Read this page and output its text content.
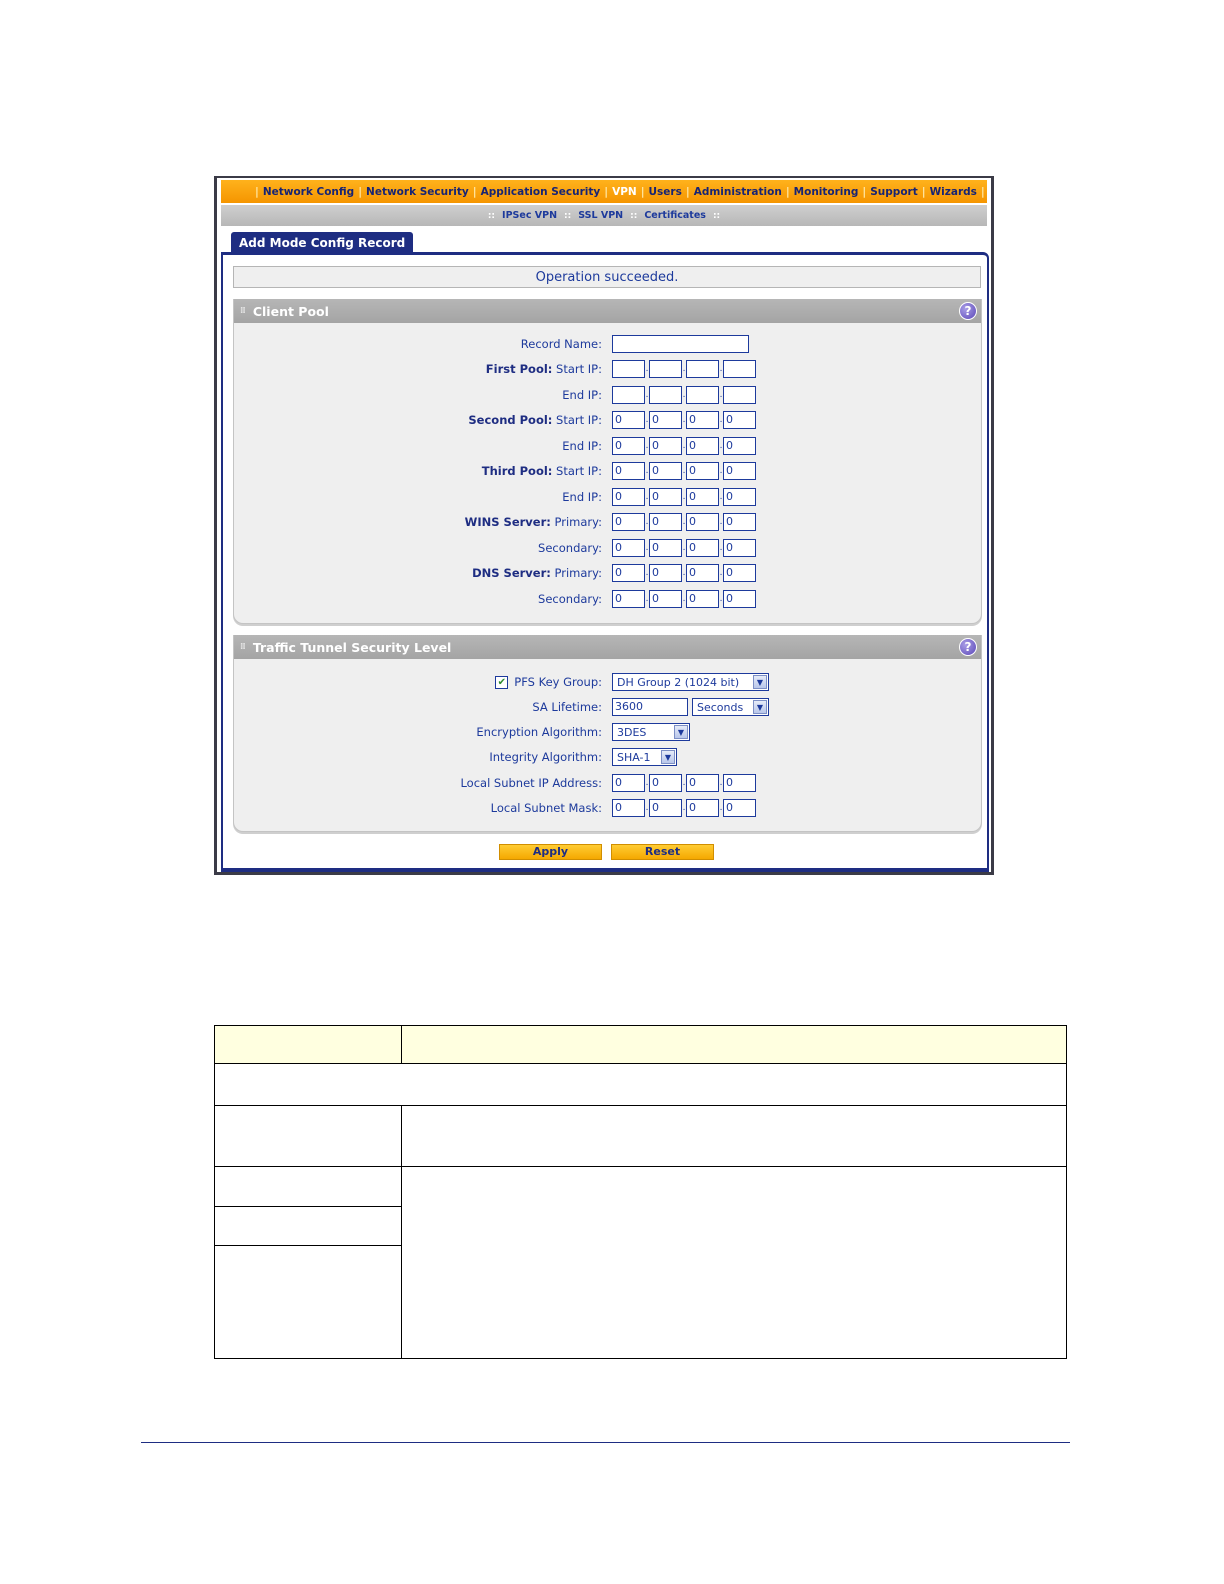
| Network Config | Network Security | Application Security | VPN | Users | Administration | Monitoring | Support | Wizards |
:: IPSec VPN :: SSL VPN :: Certificates ::
Add Mode Config Record
Operation succeeded.
⁞⁞ Client Pool	?
Record Name:
First Pool: Start IP:	.	.	.
End IP:	.	.	.
Second Pool: Start IP: 0	. 0	. 0	. 0
End IP: 0	. 0	. 0	. 0
Third Pool: Start IP: 0	. 0	. 0	. 0
End IP: 0	. 0	. 0	. 0
WINS Server: Primary: 0	. 0	. 0	. 0
Secondary: 0	. 0	. 0	. 0
DNS Server: Primary: 0	. 0	. 0	. 0
Secondary: 0	. 0	. 0	. 0
⁞⁞ Traffic Tunnel Security Level	?
✔ PFS Key Group: DH Group 2 (1024 bit)	▼
SA Lifetime: 3600	Seconds	▼
Encryption Algorithm: 3DES	▼
Integrity Algorithm: SHA-1	▼
Local Subnet IP Address: 0	. 0	. 0	. 0
Local Subnet Mask: 0	. 0	. 0	. 0
Apply	Reset
